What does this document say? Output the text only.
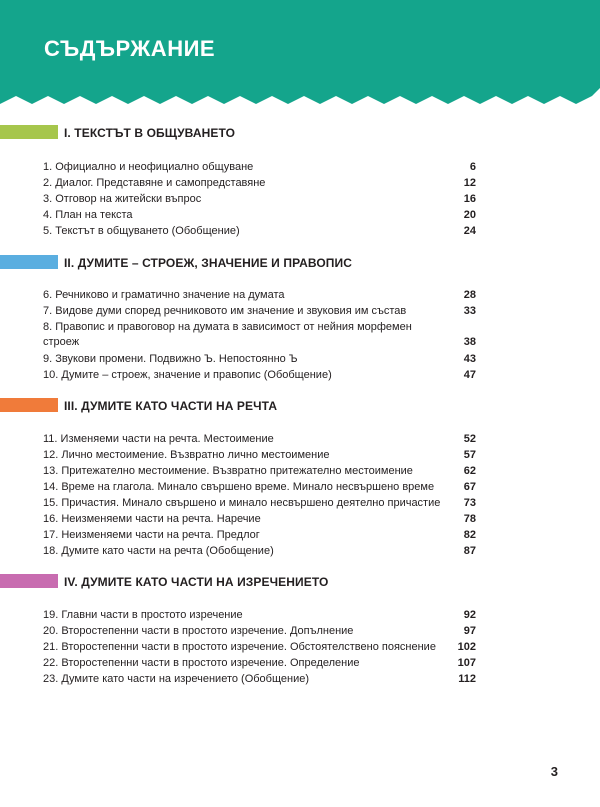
СЪДЪРЖАНИЕ
I. ТЕКСТЪТ В ОБЩУВАНЕТО
1. Официално и неофициално общуване	6
2. Диалог. Представяне и самопредставяне	12
3. Отговор на житейски въпрос	16
4. План на текста	20
5. Текстът в общуването (Обобщение)	24
II. ДУМИТЕ – СТРОЕЖ, ЗНАЧЕНИЕ И ПРАВОПИС
6. Речниково и граматично значение на думата	28
7. Видове думи според речниковото им значение и звуковия им състав	33
8. Правопис и правоговор на думата в зависимост от нейния морфемен
строеж	38
9. Звукови промени. Подвижно Ъ. Непостоянно Ъ	43
10. Думите – строеж, значение и правопис (Обобщение)	47
III. ДУМИТЕ КАТО ЧАСТИ НА РЕЧТА
11. Изменяеми части на речта. Местоимение	52
12. Лично местоимение. Възвратно лично местоимение	57
13. Притежателно местоимение. Възвратно притежателно местоимение	62
14. Време на глагола. Минало свършено време. Минало несвършено време	67
15. Причастия. Минало свършено и минало несвършено деятелно причастие 73
16. Неизменяеми части на речта. Наречие	78
17. Неизменяеми части на речта. Предлог	82
18. Думите като части на речта (Обобщение)	87
IV. ДУМИТЕ КАТО ЧАСТИ НА ИЗРЕЧЕНИЕТО
19. Главни части в простото изречение	92
20. Второстепенни части в простото изречение. Допълнение	97
21. Второстепенни части в простото изречение. Обстоятелствено пояснение 102
22. Второстепенни части в простото изречение. Определение	107
23. Думите като части на изречението (Обобщение)	112
3
